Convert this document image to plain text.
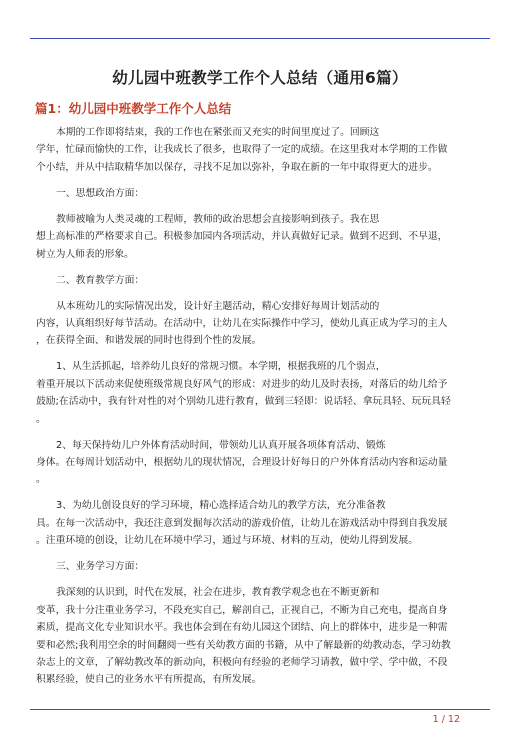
幼儿园中班教学工作个人总结（通用6篇）
篇1：幼儿园中班教学工作个人总结
本期的工作即将结束，我的工作也在紧张而又充实的时间里度过了。回顾这
学年，忙碌而愉快的工作，让我成长了很多，也取得了一定的成绩。在这里我对本学期的工作做
个小结，并从中拮取精华加以保存，寻找不足加以弥补，争取在新的一年中取得更大的进步。
一、思想政治方面：
教师被喻为人类灵魂的工程师，教师的政治思想会直接影响到孩子。我在思
想上高标准的严格要求自己。积极参加园内各项活动，并认真做好记录。做到不迟到、不早退，
树立为人师表的形象。
二、教育教学方面：
从本班幼儿的实际情况出发，设计好主题活动，精心安排好每周计划活动的
内容，认真组织好每节活动。在活动中，让幼儿在实际操作中学习，使幼儿真正成为学习的主人
，在获得全面、和谐发展的同时也得到个性的发展。
1、从生活抓起，培养幼儿良好的常规习惯。本学期，根据我班的几个弱点，
着重开展以下活动来促使班级常规良好风气的形成：对进步的幼儿及时表扬，对落后的幼儿给予
鼓励;在活动中，我有针对性的对个别幼儿进行教育，做到三轻即：说话轻、拿玩具轻、玩玩具轻
。
2、每天保持幼儿户外体育活动时间，带领幼儿认真开展各项体育活动、锻炼
身体。在每周计划活动中，根据幼儿的现状情况，合理设计好每日的户外体育活动内容和运动量
。
3、为幼儿创设良好的学习环境，精心选择适合幼儿的教学方法，充分准备教
具。在每一次活动中，我还注意到发掘每次活动的游戏价值，让幼儿在游戏活动中得到自我发展
。注重环境的创设，让幼儿在环境中学习，通过与环境、材料的互动，使幼儿得到发展。
三、业务学习方面：
我深刻的认识到，时代在发展，社会在进步，教育教学观念也在不断更新和
变革，我十分注重业务学习，不段充实自己，解剖自己，正视自己，不断为自己充电，提高自身
素质，提高文化专业知识水平。我也体会到在有幼儿园这个团结、向上的群体中，进步是一种需
要和必然;我利用空余的时间翻阅一些有关幼教方面的书籍，从中了解最新的幼教动态，学习幼教
杂志上的文章，了解幼教改革的新动向，积极向有经验的老师学习请教，做中学、学中做，不段
积累经验，使自己的业务水平有所提高，有所发展。
1 / 12
